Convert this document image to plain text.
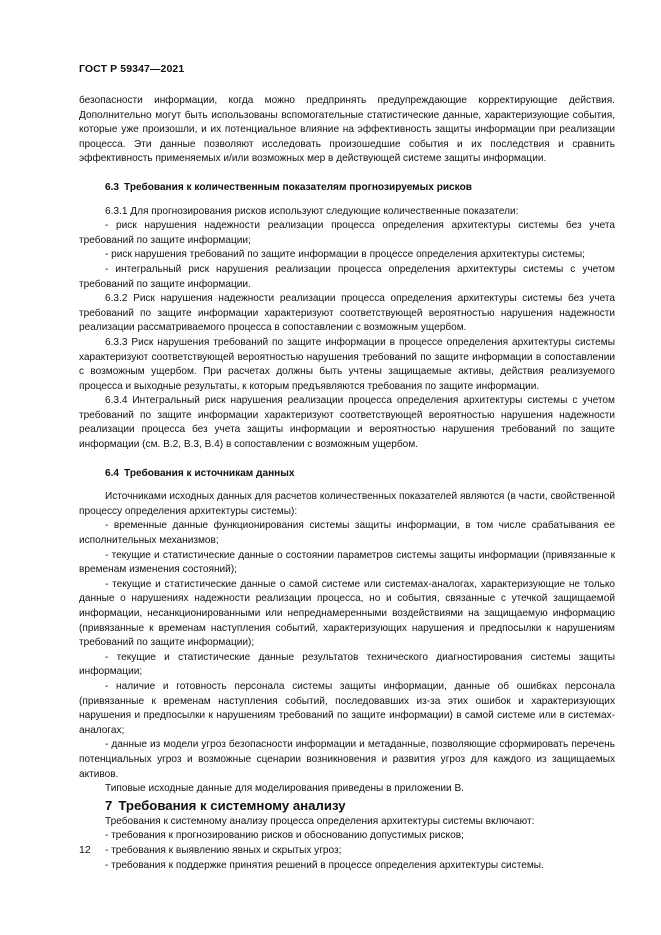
ГОСТ Р 59347—2021

безопасности информации, когда можно предпринять предупреждающие корректирующие действия. Дополнительно могут быть использованы вспомогательные статистические данные, характеризующие события, которые уже произошли, и их потенциальное влияние на эффективность защиты информации при реализации процесса. Эти данные позволяют исследовать произошедшие события и их последствия и сравнить эффективность применяемых и/или возможных мер в действующей системе защиты информации.

6.3 Требования к количественным показателям прогнозируемых рисков

6.3.1 Для прогнозирования рисков используют следующие количественные показатели:

- риск нарушения надежности реализации процесса определения архитектуры системы без учета требований по защите информации;

- риск нарушения требований по защите информации в процессе определения архитектуры системы;

- интегральный риск нарушения реализации процесса определения архитектуры системы с учетом требований по защите информации.

6.3.2 Риск нарушения надежности реализации процесса определения архитектуры системы без учета требований по защите информации характеризуют соответствующей вероятностью нарушения надежности реализации рассматриваемого процесса в сопоставлении с возможным ущербом.

6.3.3 Риск нарушения требований по защите информации в процессе определения архитектуры системы характеризуют соответствующей вероятностью нарушения требований по защите информации в сопоставлении с возможным ущербом. При расчетах должны быть учтены защищаемые активы, действия реализуемого процесса и выходные результаты, к которым предъявляются требования по защите информации.

6.3.4 Интегральный риск нарушения реализации процесса определения архитектуры системы с учетом требований по защите информации характеризуют соответствующей вероятностью нарушения надежности реализации процесса без учета защиты информации и вероятностью нарушения требований по защите информации (см. В.2, В.3, В.4) в сопоставлении с возможным ущербом.

6.4 Требования к источникам данных

Источниками исходных данных для расчетов количественных показателей являются (в части, свойственной процессу определения архитектуры системы):

- временные данные функционирования системы защиты информации, в том числе срабатывания ее исполнительных механизмов;

- текущие и статистические данные о состоянии параметров системы защиты информации (привязанные к временам изменения состояний);

- текущие и статистические данные о самой системе или системах-аналогах, характеризующие не только данные о нарушениях надежности реализации процесса, но и события, связанные с утечкой защищаемой информации, несанкционированными или непреднамеренными воздействиями на защищаемую информацию (привязанные к временам наступления событий, характеризующих нарушения и предпосылки к нарушениям требований по защите информации);

- текущие и статистические данные результатов технического диагностирования системы защиты информации;

- наличие и готовность персонала системы защиты информации, данные об ошибках персонала (привязанные к временам наступления событий, последовавших из-за этих ошибок и характеризующих нарушения и предпосылки к нарушениям требований по защите информации) в самой системе или в системах-аналогах;

- данные из модели угроз безопасности информации и метаданные, позволяющие сформировать перечень потенциальных угроз и возможные сценарии возникновения и развития угроз для каждого из защищаемых активов.

Типовые исходные данные для моделирования приведены в приложении В.

7 Требования к системному анализу

Требования к системному анализу процесса определения архитектуры системы включают:

- требования к прогнозированию рисков и обоснованию допустимых рисков;

- требования к выявлению явных и скрытых угроз;

- требования к поддержке принятия решений в процессе определения архитектуры системы.

12
